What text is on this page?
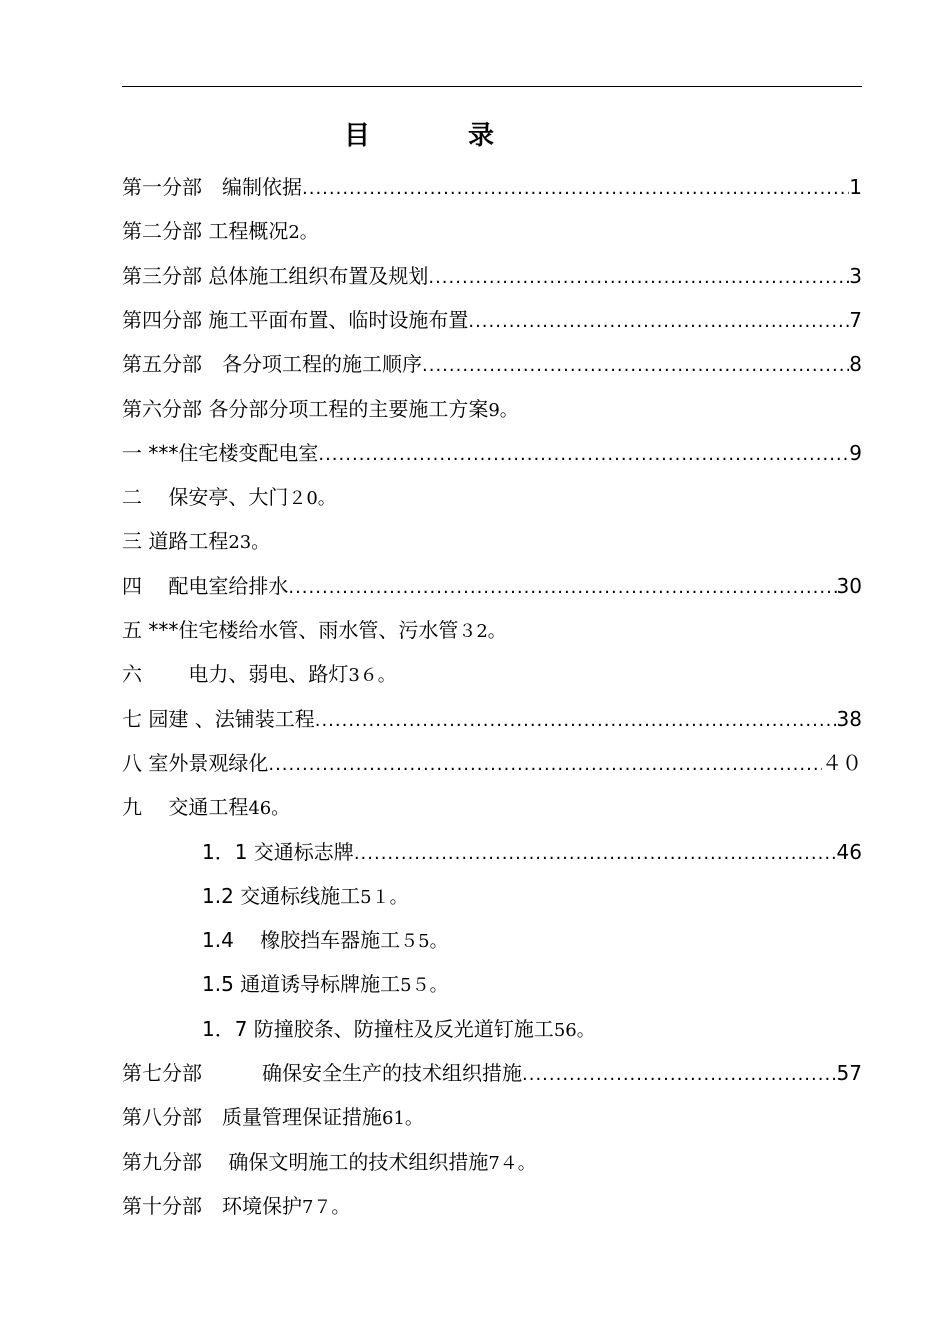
目　录
第一分部　编制依据 .....	1
第二分部 工程概况 2。
第三分部 总体施工组织布置及规划 .....	3
第四分部 施工平面布置、临时设施布置 .....	7
第五分部　各分项工程的施工顺序 .....	8
第六分部 各分部分项工程的主要施工方案 9。
一 ***住宅楼变配电室 .....	9
二　 保安亭、大门 ２0。
三 道路工程 23。
四　 配电室给排水 .....	30
五 ***住宅楼给水管、雨水管、污水管 ３2。
六　 　电力、弱电、路灯 3６。
七 园建 、法铺装工程 .....	38
八 室外景观绿化 .....	４０
九　 交通工程 46。
　　　　1．1 交通标志牌 .....	46
　　　　1.2 交通标线施工 5１。
　　　　1.4　 橡胶挡车器施工 ５5。
　　　　1.5 通道诱导标牌施工 5５。
　　　　1．7 防撞胶条、防撞柱及反光道钉施工 56。
第七分部　　　确保安全生产的技术组织措施 .....	57
第八分部　质量管理保证措施 61。
第九分部　 确保文明施工的技术组织措施 7４。
第十分部　环境保护 7７。
